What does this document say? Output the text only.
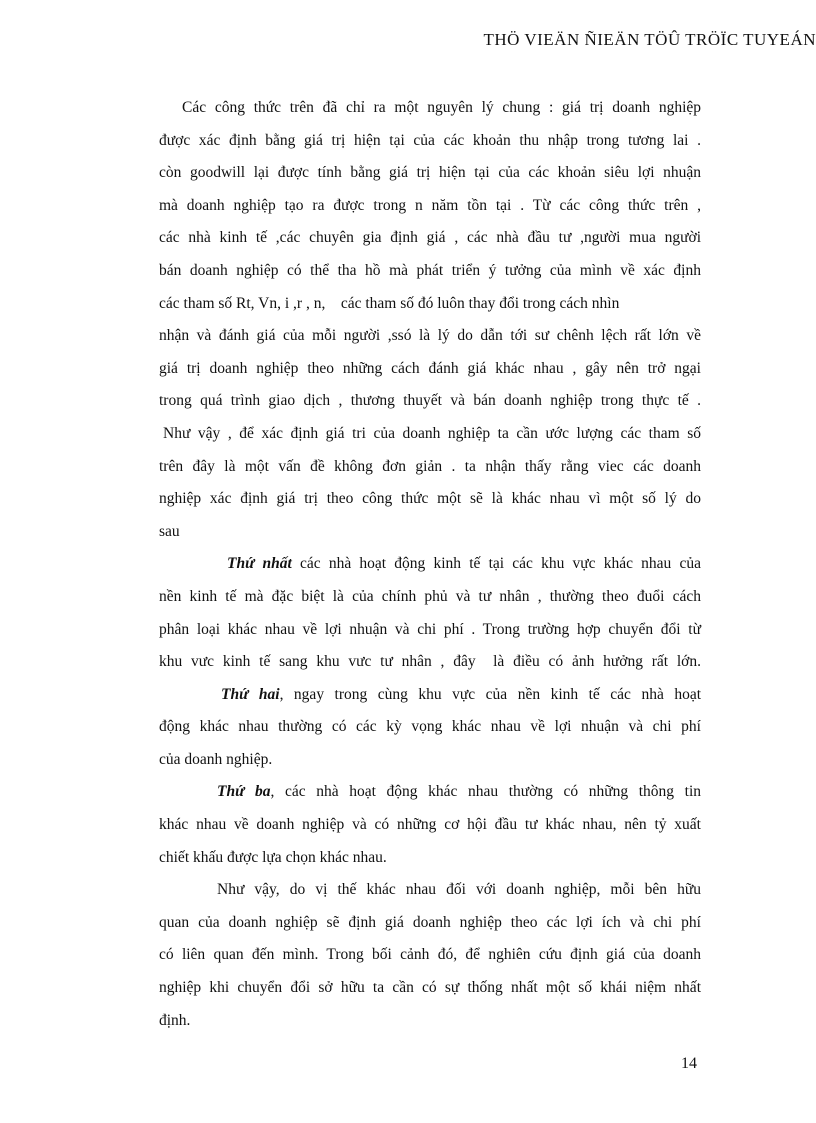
THÖ VIEÄN ÑIEÄN TÖÛ TRÖÏC TUYEÁN
Các công thức trên đã chỉ ra một nguyên lý chung : giá trị doanh nghiệp
được xác định bằng giá trị hiện tại của các khoản thu nhập trong tương lai .
còn goodwill lại được tính bằng giá trị hiện tại của các khoản siêu lợi nhuận
mà doanh nghiệp tạo ra được trong n năm tồn tại . Từ các công thức trên ,
các nhà kinh tế ,các chuyên gia định giá , các nhà đầu tư ,người mua người
bán doanh nghiệp có thể tha hồ mà phát triển ý tưởng của mình về xác định
các tham số Rt, Vn, i ,r , n,    các tham số đó luôn thay đổi trong cách nhìn
nhận và đánh giá của mỗi người ,ssó là lý do dẫn tới sư chênh lệch rất lớn về
giá trị doanh nghiệp theo những cách đánh giá khác nhau , gây nên trở ngại
trong quá trình giao dịch , thương thuyết và bán doanh nghiệp trong thực tế .
Như vậy , để xác định giá tri của doanh nghiệp ta cần ước lượng các tham số
trên đây là một vấn đề không đơn giản . ta nhận thấy rằng viec các doanh
nghiệp xác định giá trị theo công thức một sẽ là khác nhau vì một số lý do
sau
Thứ nhất các nhà hoạt động kinh tế tại các khu vực khác nhau của
nền kinh tế mà đặc biệt là của chính phủ và tư nhân , thường theo đuổi cách
phân loại khác nhau về lợi nhuận và chi phí . Trong trường hợp chuyển đổi từ
khu vưc kinh tế sang khu vưc tư nhân , đây  là điều có ảnh hưởng rất lớn.
Thứ hai, ngay trong cùng khu vực của nền kinh tế các nhà hoạt
động khác nhau thường có các kỳ vọng khác nhau về lợi nhuận và chi phí
của doanh nghiệp.
Thứ ba, các nhà hoạt động khác nhau thường có những thông tin
khác nhau về doanh nghiệp và có những cơ hội đầu tư khác nhau, nên tỷ xuất
chiết khấu được lựa chọn khác nhau.
Như vậy, do vị thế khác nhau đối với doanh nghiệp, mỗi bên hữu
quan của doanh nghiệp sẽ định giá doanh nghiệp theo các lợi ích và chi phí
có liên quan đến mình. Trong bối cảnh đó, để nghiên cứu định giá của doanh
nghiệp khi chuyển đổi sở hữu ta cần có sự thống nhất một số khái niệm nhất
định.
14
